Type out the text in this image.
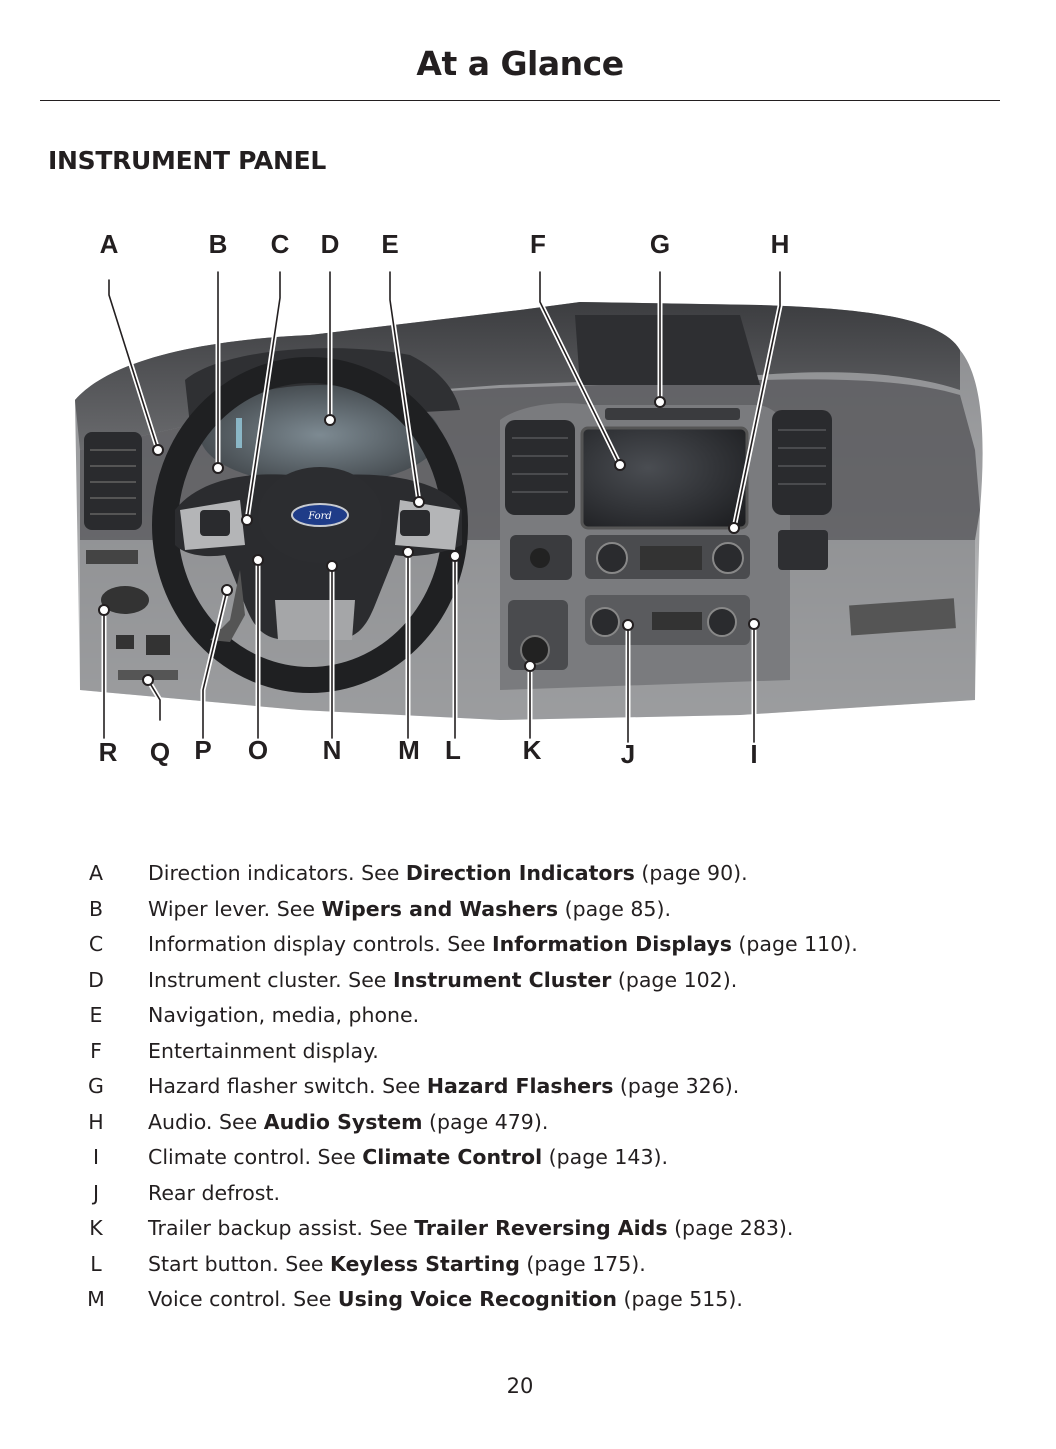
At a Glance
INSTRUMENT PANEL
Ford
A	B C D E	F	G	H
R Q P O N M L K	J	I
A Direction indicators. See Direction Indicators (page 90).
B Wiper lever. See Wipers and Washers (page 85).
C Information display controls. See Information Displays (page 110).
D Instrument cluster. See Instrument Cluster (page 102).
E Navigation, media, phone.
F Entertainment display.
G Hazard flasher switch. See Hazard Flashers (page 326).
H Audio. See Audio System (page 479).
I	Climate control. See Climate Control (page 143).
J	Rear defrost.
K Trailer backup assist. See Trailer Reversing Aids (page 283).
L Start button. See Keyless Starting (page 175).
M Voice control. See Using Voice Recognition (page 515).
20
